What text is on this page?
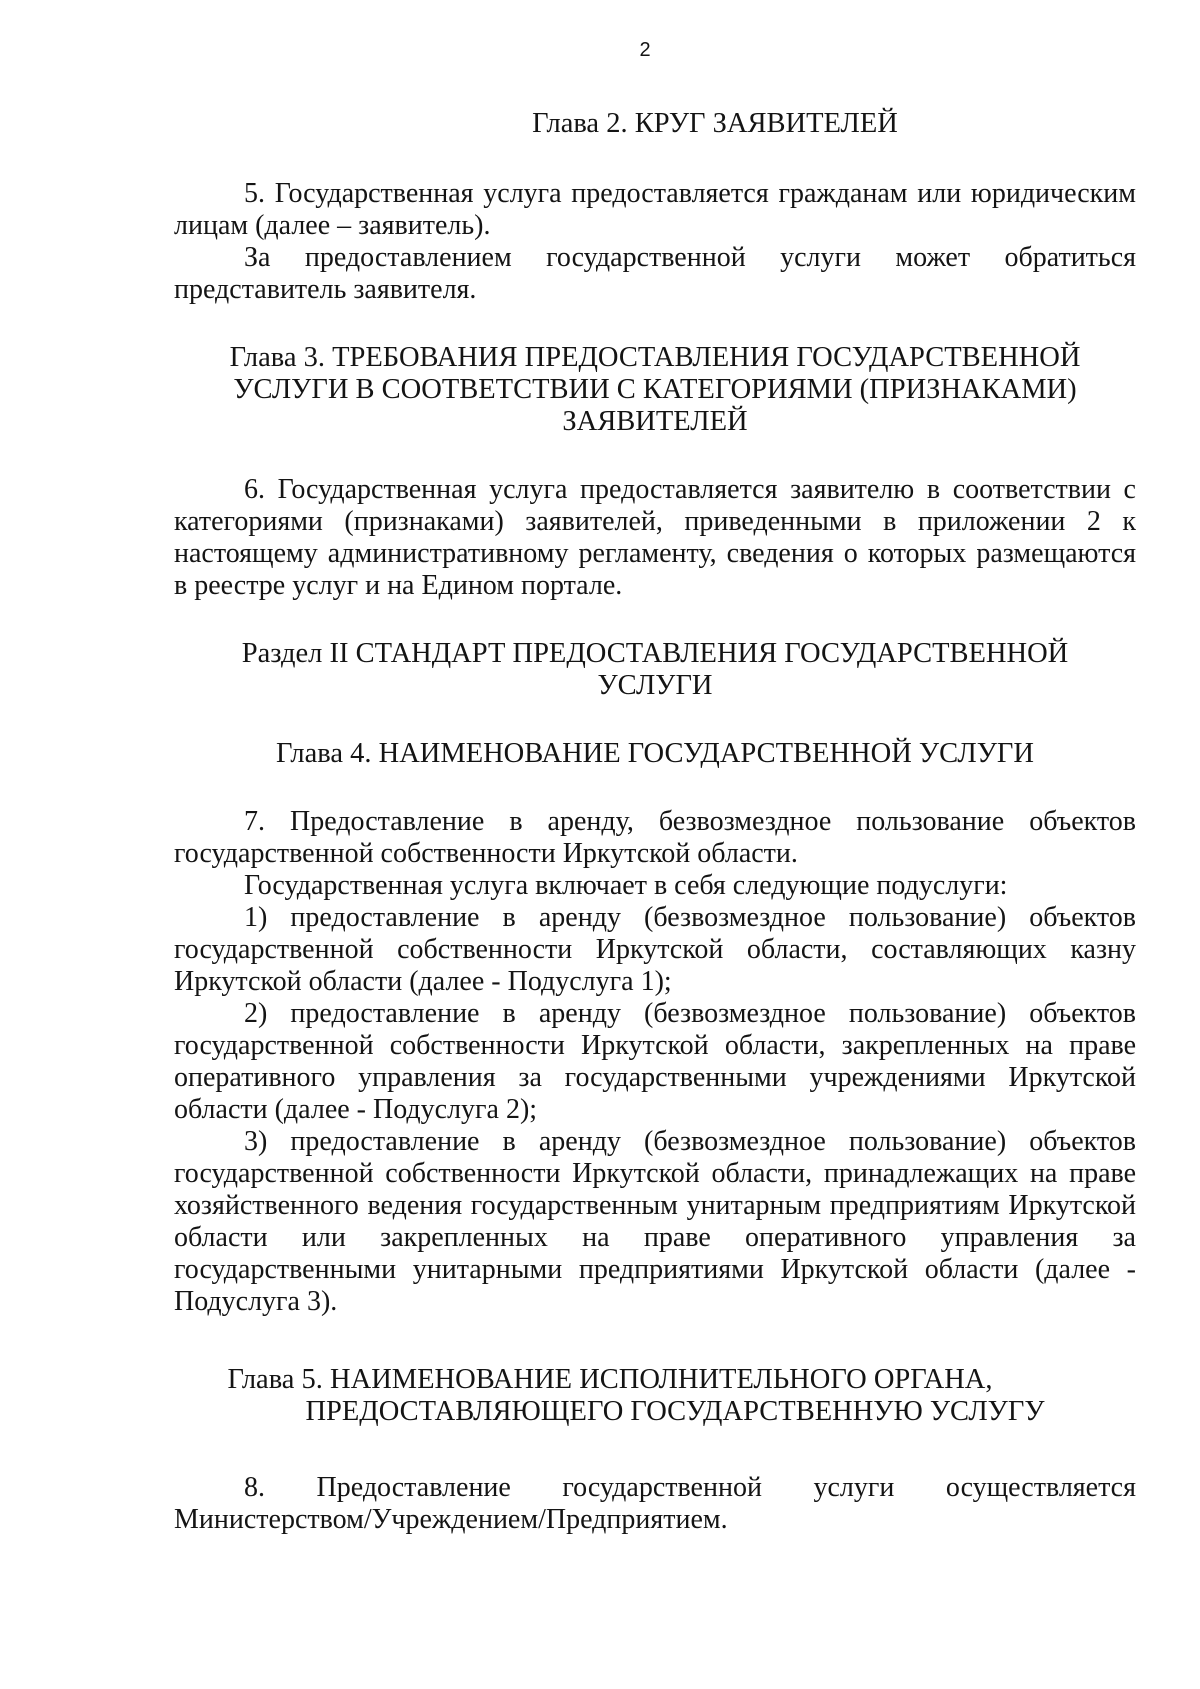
2
Глава 2. КРУГ ЗАЯВИТЕЛЕЙ

5. Государственная услуга предоставляется гражданам или юридическим лицам (далее – заявитель).

За предоставлением государственной услуги может обратиться представитель заявителя.

Глава 3. ТРЕБОВАНИЯ ПРЕДОСТАВЛЕНИЯ ГОСУДАРСТВЕННОЙ
УСЛУГИ В СООТВЕТСТВИИ С КАТЕГОРИЯМИ (ПРИЗНАКАМИ)
ЗАЯВИТЕЛЕЙ

6. Государственная услуга предоставляется заявителю в соответствии с категориями (признаками) заявителей, приведенными в приложении 2 к настоящему административному регламенту, сведения о которых размещаются в реестре услуг и на Едином портале.

Раздел II СТАНДАРТ ПРЕДОСТАВЛЕНИЯ ГОСУДАРСТВЕННОЙ
УСЛУГИ
Глава 4. НАИМЕНОВАНИЕ ГОСУДАРСТВЕННОЙ УСЛУГИ

7. Предоставление в аренду, безвозмездное пользование объектов государственной собственности Иркутской области.

Государственная услуга включает в себя следующие подуслуги:

1) предоставление в аренду (безвозмездное пользование) объектов государственной собственности Иркутской области, составляющих казну Иркутской области (далее - Подуслуга 1);

2) предоставление в аренду (безвозмездное пользование) объектов государственной собственности Иркутской области, закрепленных на праве оперативного управления за государственными учреждениями Иркутской области (далее - Подуслуга 2);

3) предоставление в аренду (безвозмездное пользование) объектов государственной собственности Иркутской области, принадлежащих на праве хозяйственного ведения государственным унитарным предприятиям Иркутской области или закрепленных на праве оперативного управления за государственными унитарными предприятиями Иркутской области (далее - Подуслуга 3).

Глава 5. НАИМЕНОВАНИЕ ИСПОЛНИТЕЛЬНОГО ОРГАНА,
ПРЕДОСТАВЛЯЮЩЕГО ГОСУДАРСТВЕННУЮ УСЛУГУ

8. Предоставление государственной услуги осуществляется Министерством/Учреждением/Предприятием.
